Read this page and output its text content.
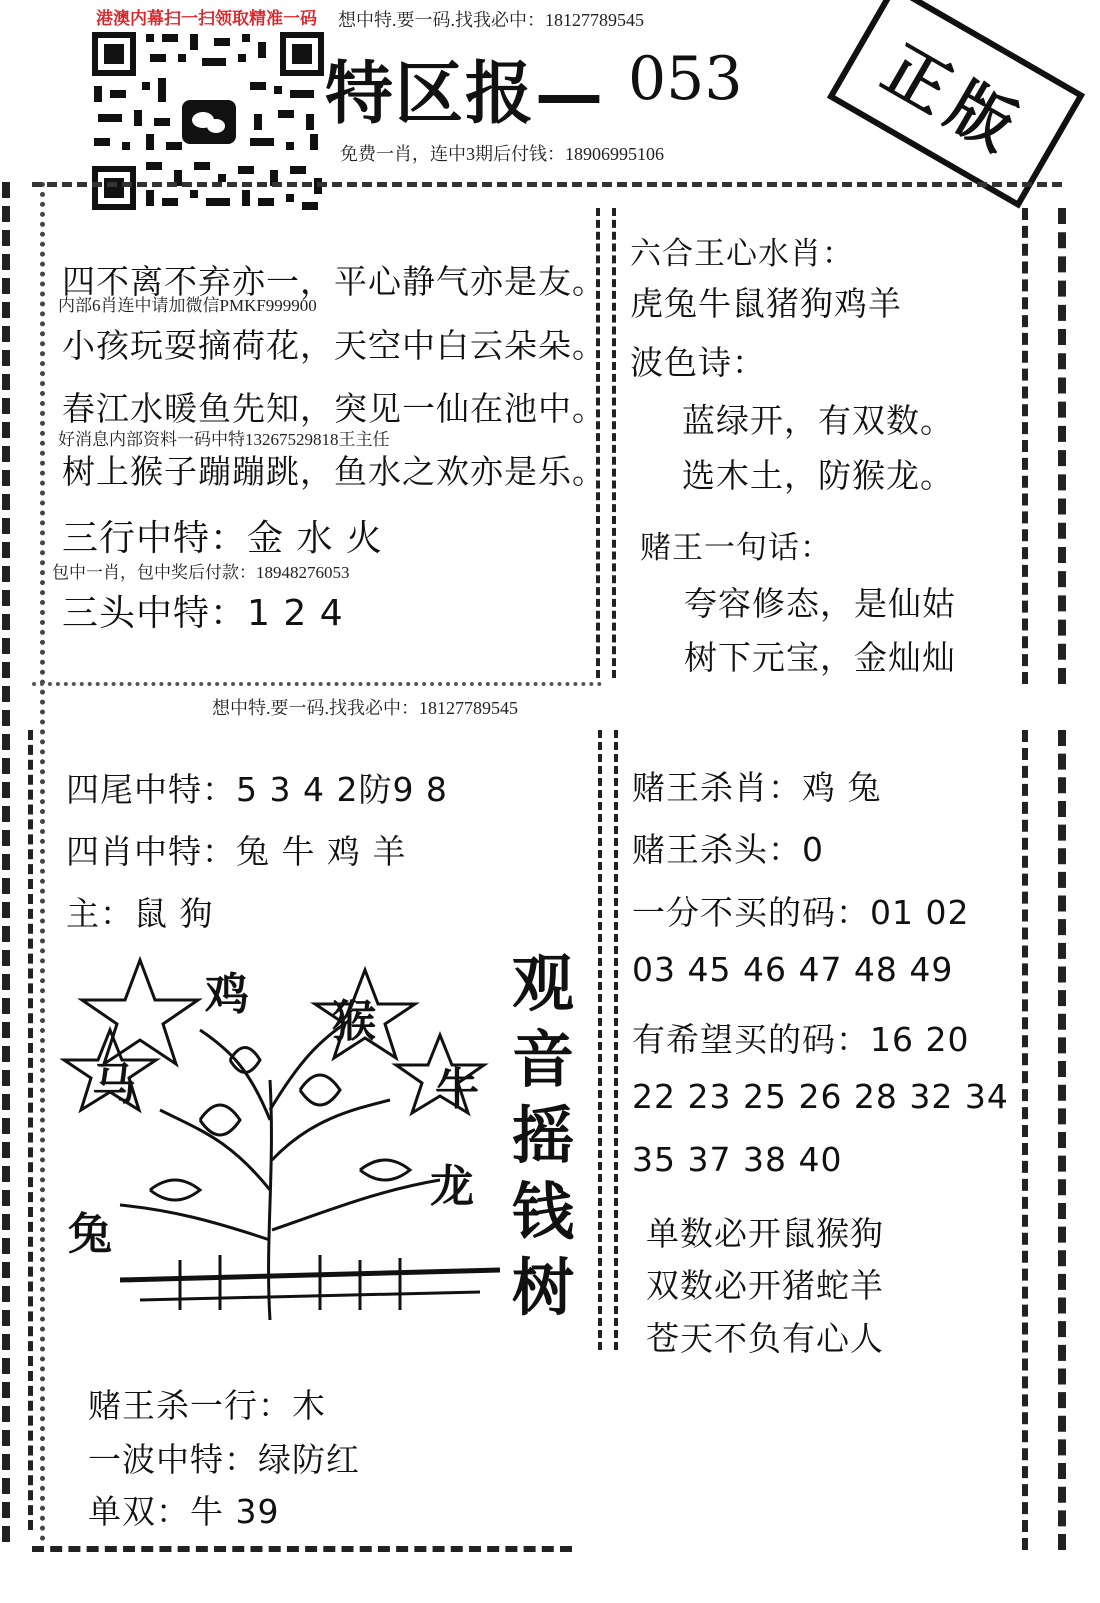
港澳内幕扫一扫领取精准一码 想中特.要一码.找我必中：18127789545
特区报— 053
免费一肖，连中3期后付钱：18906995106	正版
四不离不弃亦一，平心静气亦是友。
内部6肖连中请加微信PMKF999900
小孩玩耍摘荷花，天空中白云朵朵。
春江水暖鱼先知，突见一仙在池中。
好消息内部资料一码中特13267529818王主任
树上猴子蹦蹦跳，鱼水之欢亦是乐。
三行中特：金 水 火
包中一肖，包中奖后付款：18948276053
三头中特：1 2 4
六合王心水肖：
虎兔牛鼠猪狗鸡羊
波色诗：
蓝绿开，有双数。
选木土，防猴龙。
赌王一句话：
夸容修态，是仙姑
树下元宝，金灿灿
想中特.要一码.找我必中：18127789545
四尾中特：5 3 4 2防9 8
四肖中特：兔 牛 鸡 羊
主：鼠 狗
鸡
猴
马	牛
龙
兔
观
音
摇
钱
树
赌王杀一行：木
一波中特：绿防红
单双：牛 39
赌王杀肖：鸡 兔
赌王杀头：0
一分不买的码：01 02
03 45 46 47 48 49
有希望买的码：16 20
22 23 25 26 28 32 34
35 37 38 40
单数必开鼠猴狗
双数必开猪蛇羊
苍天不负有心人
